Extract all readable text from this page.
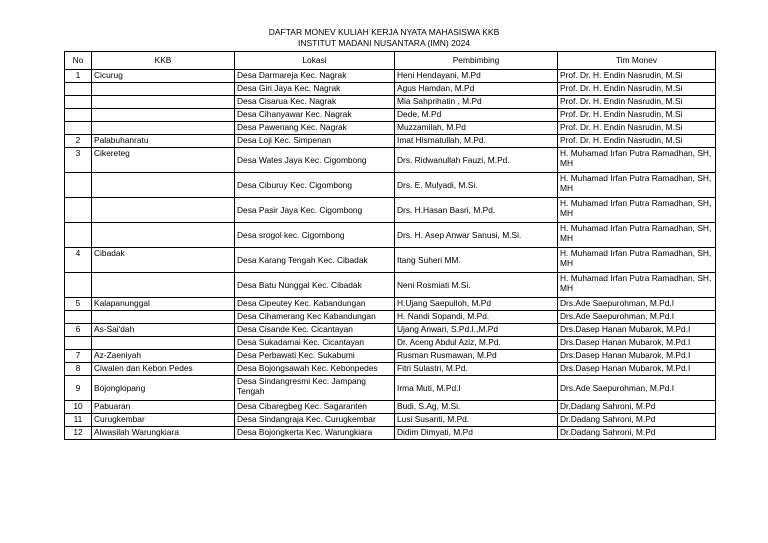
DAFTAR MONEV KULIAH KERJA NYATA MAHASISWA KKB
INSTITUT MADANI NUSANTARA (IMN) 2024
No	KKB	Lokasi	Pembimbing	Tim Monev
1	Cicurug	Desa Darmareja Kec. Nagrak	Heni Hendayani, M.Pd	Prof. Dr. H. Endin Nasrudin, M.Si
		Desa Giri Jaya Kec. Nagrak	Agus Hamdan, M.Pd	Prof. Dr. H. Endin Nasrudin, M.Si
		Desa Cisarua Kec. Nagrak	Mia Sahprihatin , M.Pd	Prof. Dr. H. Endin Nasrudin, M.Si
		Desa Cihanyawar Kec. Nagrak	Dede, M.Pd	Prof. Dr. H. Endin Nasrudin, M.Si
		Desa Pawenang Kec. Nagrak	Muzzamilah, M.Pd	Prof. Dr. H. Endin Nasrudin, M.Si
2	Palabuhanratu	Desa Loji Kec. Simpenan	Imat Hismatullah, M.Pd.	Prof. Dr. H. Endin Nasrudin, M.Si
3	Cikereteg	Desa Wates Jaya Kec. Cigombong	Drs. Ridwanullah Fauzi, M.Pd.	H. Muhamad Irfan Putra Ramadhan, SH, MH
		Desa Ciburuy Kec. Cigombong	Drs. E. Mulyadi, M.Si.	H. Muhamad Irfan Putra Ramadhan, SH, MH
		Desa Pasir Jaya Kec. Cigombong	Drs. H.Hasan Basri, M.Pd.	H. Muhamad Irfan Putra Ramadhan, SH, MH
		Desa srogol kec. Cigombong	Drs. H. Asep Anwar Sanusi, M.Si.	H. Muhamad Irfan Putra Ramadhan, SH, MH
4	Cibadak	Desa Karang Tengah Kec. Cibadak	Itang Suheri MM.	H. Muhamad Irfan Putra Ramadhan, SH, MH
		Desa Batu Nunggal Kec. Cibadak	Neni Rosmiati M.Si.	H. Muhamad Irfan Putra Ramadhan, SH, MH
5	Kalapanunggal	Desa Cipeutey Kec. Kabandungan	H.Ujang Saepulloh, M.Pd	Drs.Ade Saepurohman, M.Pd.I
		Desa Cihamerang Kec Kabandungan	H. Nandi Sopandi, M.Pd.	Drs.Ade Saepurohman, M.Pd.I
6	As-Sai'dah	Desa Cisande Kec. Cicantayan	Ujang Anwari, S.Pd.I.,M.Pd	Drs.Dasep Hanan Mubarok, M.Pd.I
		Desa Sukadamai Kec. Cicantayan	Dr. Aceng Abdul Aziz, M.Pd.	Drs.Dasep Hanan Mubarok, M.Pd.I
7	Az-Zaeniyah	Desa Perbawati Kec. Sukabumi	Rusman Rusmawan, M.Pd	Drs.Dasep Hanan Mubarok, M.Pd.I
8	Ciwalen dan Kebon Pedes	Desa Bojongsawah Kec. Kebonpedes	Fitri Sulastri, M.Pd.	Drs.Dasep Hanan Mubarok, M.Pd.I
9	Bojonglopang	Desa Sindangresmi Kec. Jampang Tengah	Irma Muti, M.Pd.I	Drs.Ade Saepurohman, M.Pd.I
10	Pabuaran	Desa Cibaregbeg Kec. Sagaranten	Budi, S.Ag, M.Si.	Dr.Dadang Sahroni, M.Pd
11	Curugkembar	Desa Sindangraja Kec. Curugkembar	Lusi Susanti, M.Pd.	Dr.Dadang Sahroni, M.Pd
12	Alwasilah Warungkiara	Desa Bojongkerta Kec. Warungkiara	Didim Dimyati, M.Pd	Dr.Dadang Sahroni, M.Pd
